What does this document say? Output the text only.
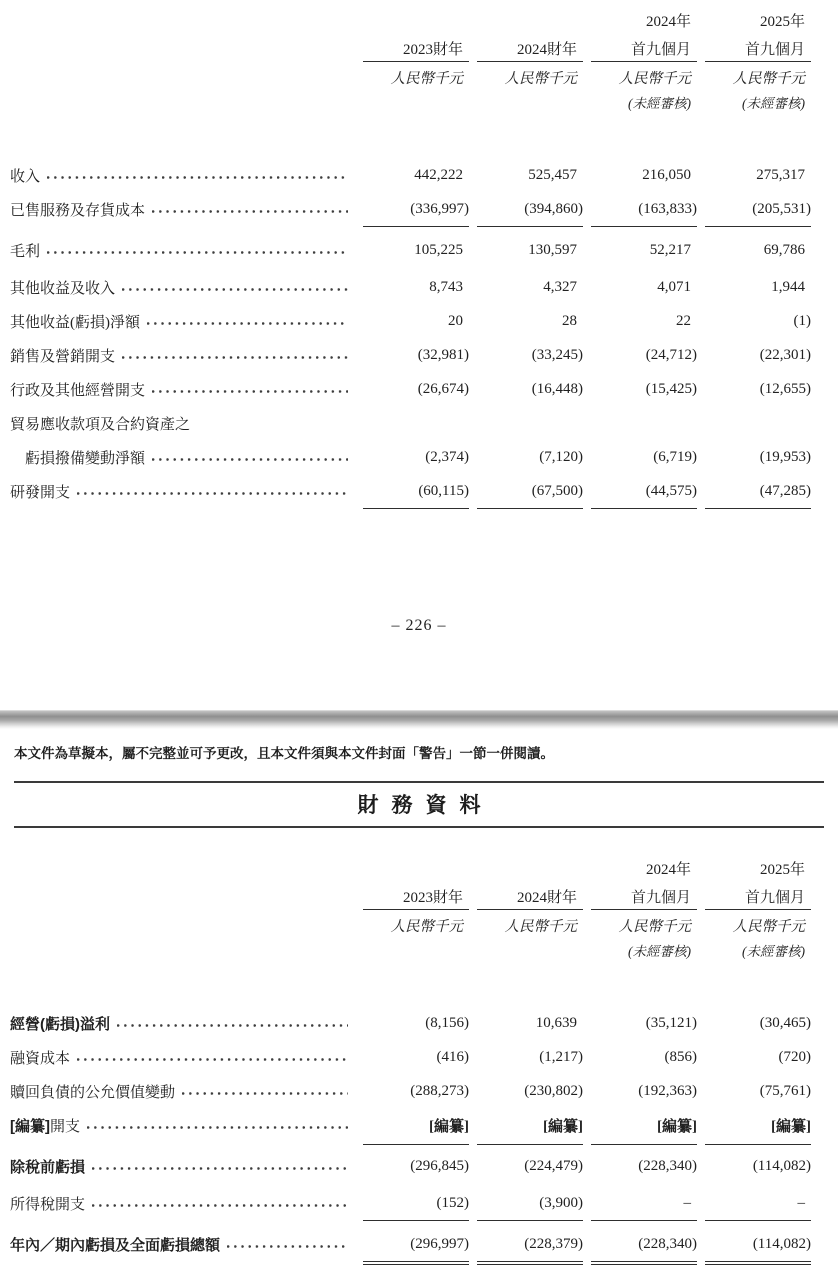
			2024年	2025年
	2023財年	2024財年	首九個月	首九個月
	人民幣千元	人民幣千元	人民幣千元	人民幣千元
			(未經審核)	(未經審核)

收入	442,222	525,457	216,050	275,317

已售服務及存貨成本	(336,997)	(394,860)	(163,833)	(205,531)

毛利	105,225	130,597	52,217	69,786

其他收益及收入	8,743	4,327	4,071	1,944

其他收益(虧損)淨額	20	28	22	(1)

銷售及營銷開支	(32,981)	(33,245)	(24,712)	(22,301)

行政及其他經營開支	(26,674)	(16,448)	(15,425)	(12,655)

貿易應收款項及合約資產之				

虧損撥備變動淨額	(2,374)	(7,120)	(6,719)	(19,953)

研發開支	(60,115)	(67,500)	(44,575)	(47,285)
– 226 –
本文件為草擬本，屬不完整並可予更改，且本文件須與本文件封面「警告」一節一併閱讀。
財務資料
			2024年	2025年
	2023財年	2024財年	首九個月	首九個月
	人民幣千元	人民幣千元	人民幣千元	人民幣千元
			(未經審核)	(未經審核)

經營(虧損)溢利	(8,156)	10,639	(35,121)	(30,465)

融資成本	(416)	(1,217)	(856)	(720)

贖回負債的公允價值變動	(288,273)	(230,802)	(192,363)	(75,761)

[編纂] 開支	[編纂]	[編纂]	[編纂]	[編纂]

除稅前虧損	(296,845)	(224,479)	(228,340)	(114,082)

所得稅開支	(152)	(3,900)	–	–

年內／期內虧損及全面虧損總額	(296,997)	(228,379)	(228,340)	(114,082)
